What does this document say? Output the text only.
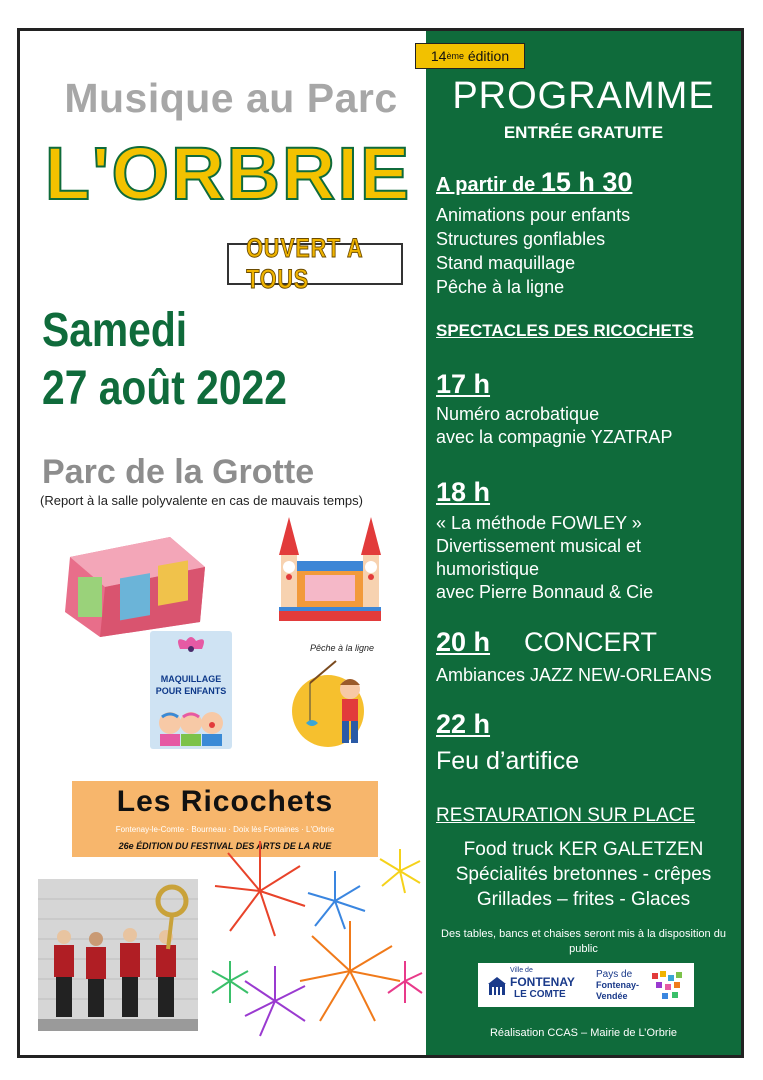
Musique au Parc
L'ORBRIE
OUVERT A TOUS
Samedi
27 août 2022
Parc de la Grotte
(Report à la salle polyvalente en cas de mauvais temps)
MAQUILLAGE
POUR ENFANTS
Pêche à la ligne
Les Ricochets
Fontenay-le-Comte · Bourneau · Doix lès Fontaines · L'Orbrie
26e ÉDITION DU FESTIVAL DES ARTS DE LA RUE
PROGRAMME
ENTRÉE GRATUITE
A partir de 15 h 30
Animations pour enfants
Structures gonflables
Stand maquillage
Pêche à la ligne
SPECTACLES DES RICOCHETS
17 h
Numéro acrobatique
avec la compagnie YZATRAP
18 h
« La méthode FOWLEY »
Divertissement musical et
humoristique
avec Pierre Bonnaud & Cie
20 h CONCERT
Ambiances JAZZ NEW-ORLEANS
22 h
Feu d’artifice
RESTAURATION SUR PLACE
Food truck KER GALETZEN
Spécialités bretonnes - crêpes
Grillades – frites - Glaces
Des tables, bancs et chaises seront mis à la disposition du public
Ville de
FONTENAY
LE COMTE
Pays de
Fontenay-
Vendée
Réalisation CCAS – Mairie de L’Orbrie
14 ème édition
